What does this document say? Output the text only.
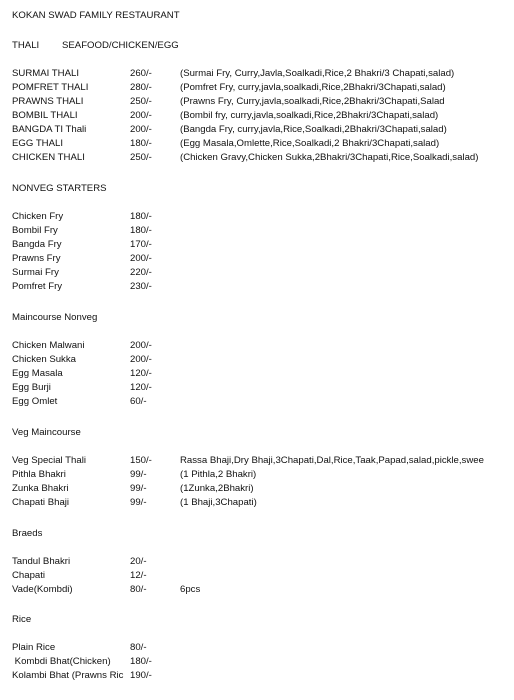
KOKAN SWAD FAMILY RESTAURANT
THALI SEAFOOD/CHICKEN/EGG
SURMAI THALI	260/-	(Surmai Fry, Curry,Javla,Soalkadi,Rice,2 Bhakri/3 Chapati,salad)
POMFRET THALI	280/-	(Pomfret Fry, curry,javla,soalkadi,Rice,2Bhakri/3Chapati,salad)
PRAWNS THALI	250/-	(Prawns Fry, Curry,javla,soalkadi,Rice,2Bhakri/3Chapati,Salad
BOMBIL THALI	200/-	(Bombil fry, curry,javla,soalkadi,Rice,2Bhakri/3Chapati,salad)
BANGDA TI Thali	200/-	(Bangda Fry, curry,javla,Rice,Soalkadi,2Bhakri/3Chapati,salad)
EGG THALI	180/-	(Egg Masala,Omlette,Rice,Soalkadi,2 Bhakri/3Chapati,salad)
CHICKEN THALI	250/-	(Chicken Gravy,Chicken Sukka,2Bhakri/3Chapati,Rice,Soalkadi,salad)
NONVEG STARTERS
Chicken Fry	180/-
Bombil Fry	180/-
Bangda Fry	170/-
Prawns Fry	200/-
Surmai Fry	220/-
Pomfret Fry	230/-
Maincourse Nonveg
Chicken Malwani	200/-
Chicken Sukka	200/-
Egg Masala	120/-
Egg Burji	120/-
Egg Omlet	60/-
Veg Maincourse
Veg Special Thali	150/-	Rassa Bhaji,Dry Bhaji,3Chapati,Dal,Rice,Taak,Papad,salad,pickle,swee
Pithla Bhakri	99/-	(1 Pithla,2 Bhakri)
Zunka Bhakri	99/-	(1Zunka,2Bhakri)
Chapati Bhaji	99/-	(1 Bhaji,3Chapati)
Braeds
Tandul Bhakri	20/-
Chapati	12/-
Vade(Kombdi)	80/-	6pcs
Rice
Plain Rice	80/-
Kombdi Bhat(Chicken) 180/-
Kolambi Bhat (Prawns Ric 190/-
